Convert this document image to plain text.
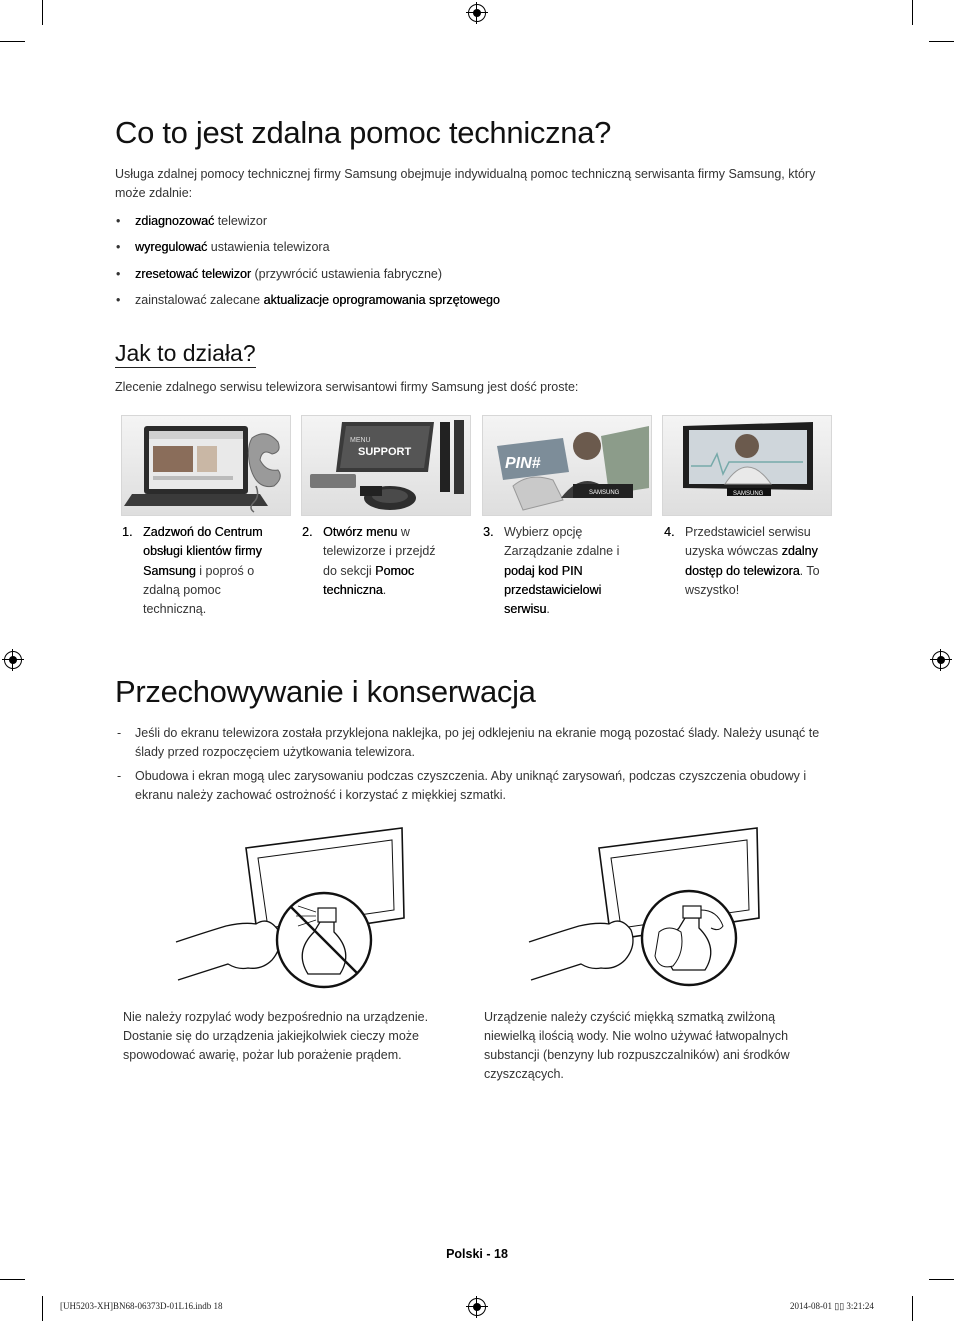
Co to jest zdalna pomoc techniczna?
Usługa zdalnej pomocy technicznej firmy Samsung obejmuje indywidualną pomoc techniczną serwisanta firmy Samsung, który może zdalnie:
• zdiagnozować telewizor
• wyregulować ustawienia telewizora
• zresetować telewizor (przywrócić ustawienia fabryczne)
• zainstalować zalecane aktualizacje oprogramowania sprzętowego
Jak to działa?
Zlecenie zdalnego serwisu telewizora serwisantowi firmy Samsung jest dość proste:
MENU
SUPPORT
PIN#
SAMSUNG	SAMSUNG
1. Zadzwoń do Centrum obsługi klientów firmy Samsung i poproś o zdalną pomoc techniczną.
2. Otwórz menu w telewizorze i przejdź do sekcji Pomoc techniczna.
3. Wybierz opcję Zarządzanie zdalne i podaj kod PIN przedstawicielowi serwisu.
4. Przedstawiciel serwisu uzyska wówczas zdalny dostęp do telewizora. To wszystko!
Przechowywanie i konserwacja
- Jeśli do ekranu telewizora została przyklejona naklejka, po jej odklejeniu na ekranie mogą pozostać ślady. Należy usunąć te ślady przed rozpoczęciem użytkowania telewizora.
- Obudowa i ekran mogą ulec zarysowaniu podczas czyszczenia. Aby uniknąć zarysowań, podczas czyszczenia obudowy i ekranu należy zachować ostrożność i korzystać z miękkiej szmatki.
Nie należy rozpylać wody bezpośrednio na urządzenie. Dostanie się do urządzenia jakiejkolwiek cieczy może spowodować awarię, pożar lub porażenie prądem.
Urządzenie należy czyścić miękką szmatką zwilżoną niewielką ilością wody. Nie wolno używać łatwopalnych substancji (benzyny lub rozpuszczalników) ani środków czyszczących.
Polski - 18
[UH5203-XH]BN68-06373D-01L16.indb 18	2014-08-01 ▯▯ 3:21:24
